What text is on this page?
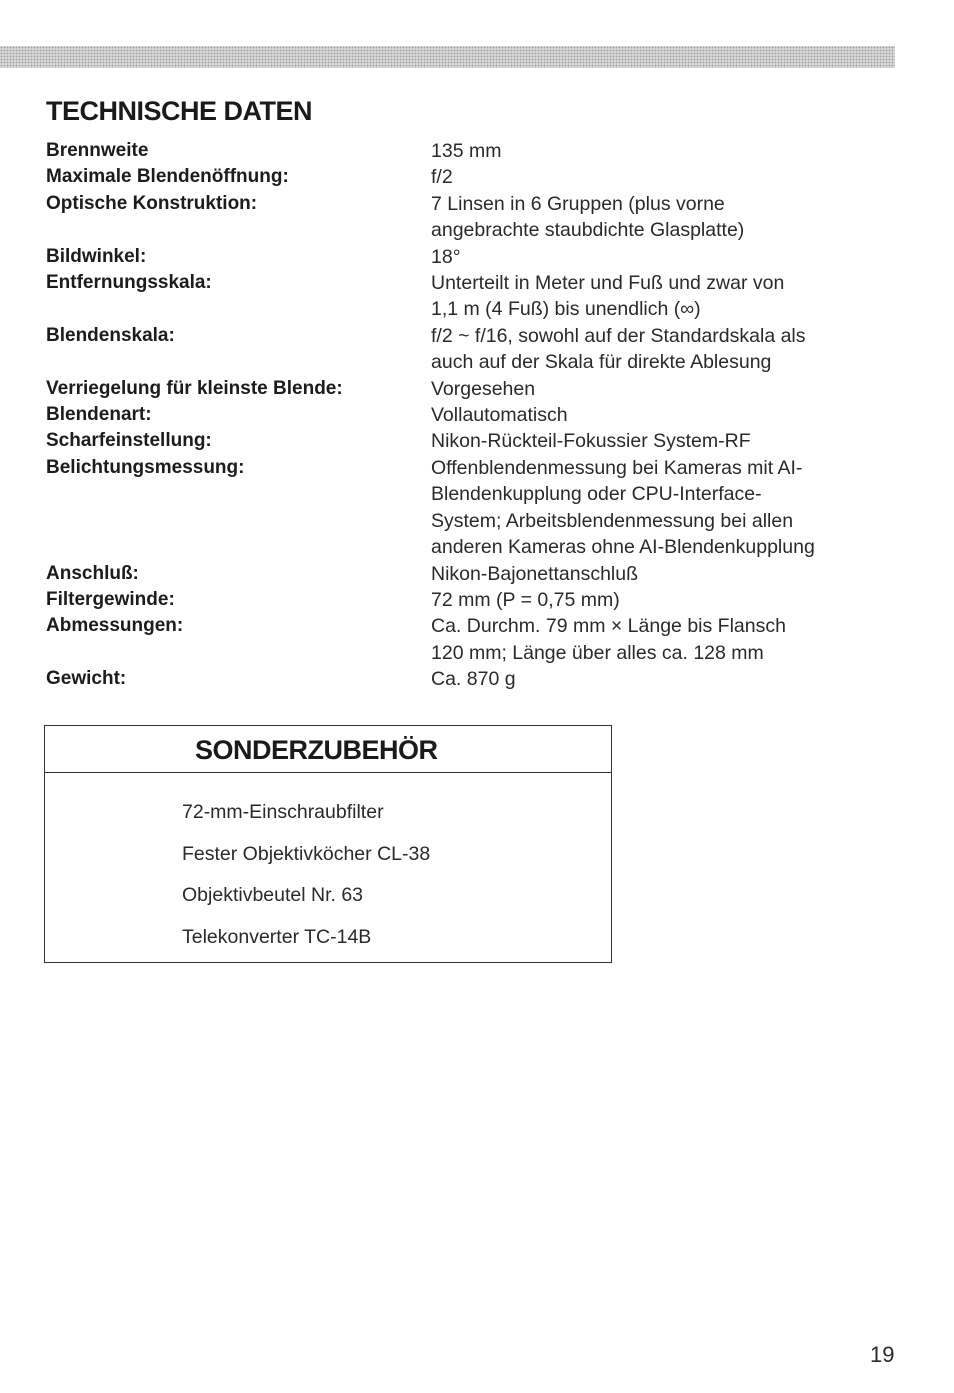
TECHNISCHE DATEN
Brennweite	135 mm
Maximale Blendenöffnung:	f/2
Optische Konstruktion:	7 Linsen in 6 Gruppen (plus vorne
angebrachte staubdichte Glasplatte)
Bildwinkel:	18°
Entfernungsskala:	Unterteilt in Meter und Fuß und zwar von
1,1 m (4 Fuß) bis unendlich (∞)
Blendenskala:	f/2 ~ f/16, sowohl auf der Standardskala als
auch auf der Skala für direkte Ablesung
Verriegelung für kleinste Blende:	Vorgesehen
Blendenart:	Vollautomatisch
Scharfeinstellung:	Nikon-Rückteil-Fokussier System-RF
Belichtungsmessung:	Offenblendenmessung bei Kameras mit AI-
Blendenkupplung oder CPU-Interface-
System; Arbeitsblendenmessung bei allen
anderen Kameras ohne AI-Blendenkupplung
Anschluß:	Nikon-Bajonettanschluß
Filtergewinde:	72 mm (P = 0,75 mm)
Abmessungen:	Ca. Durchm. 79 mm × Länge bis Flansch
120 mm; Länge über alles ca. 128 mm
Gewicht:	Ca. 870 g
SONDERZUBEHÖR
72-mm-Einschraubfilter
Fester Objektivköcher CL-38
Objektivbeutel Nr. 63
Telekonverter TC-14B
19
